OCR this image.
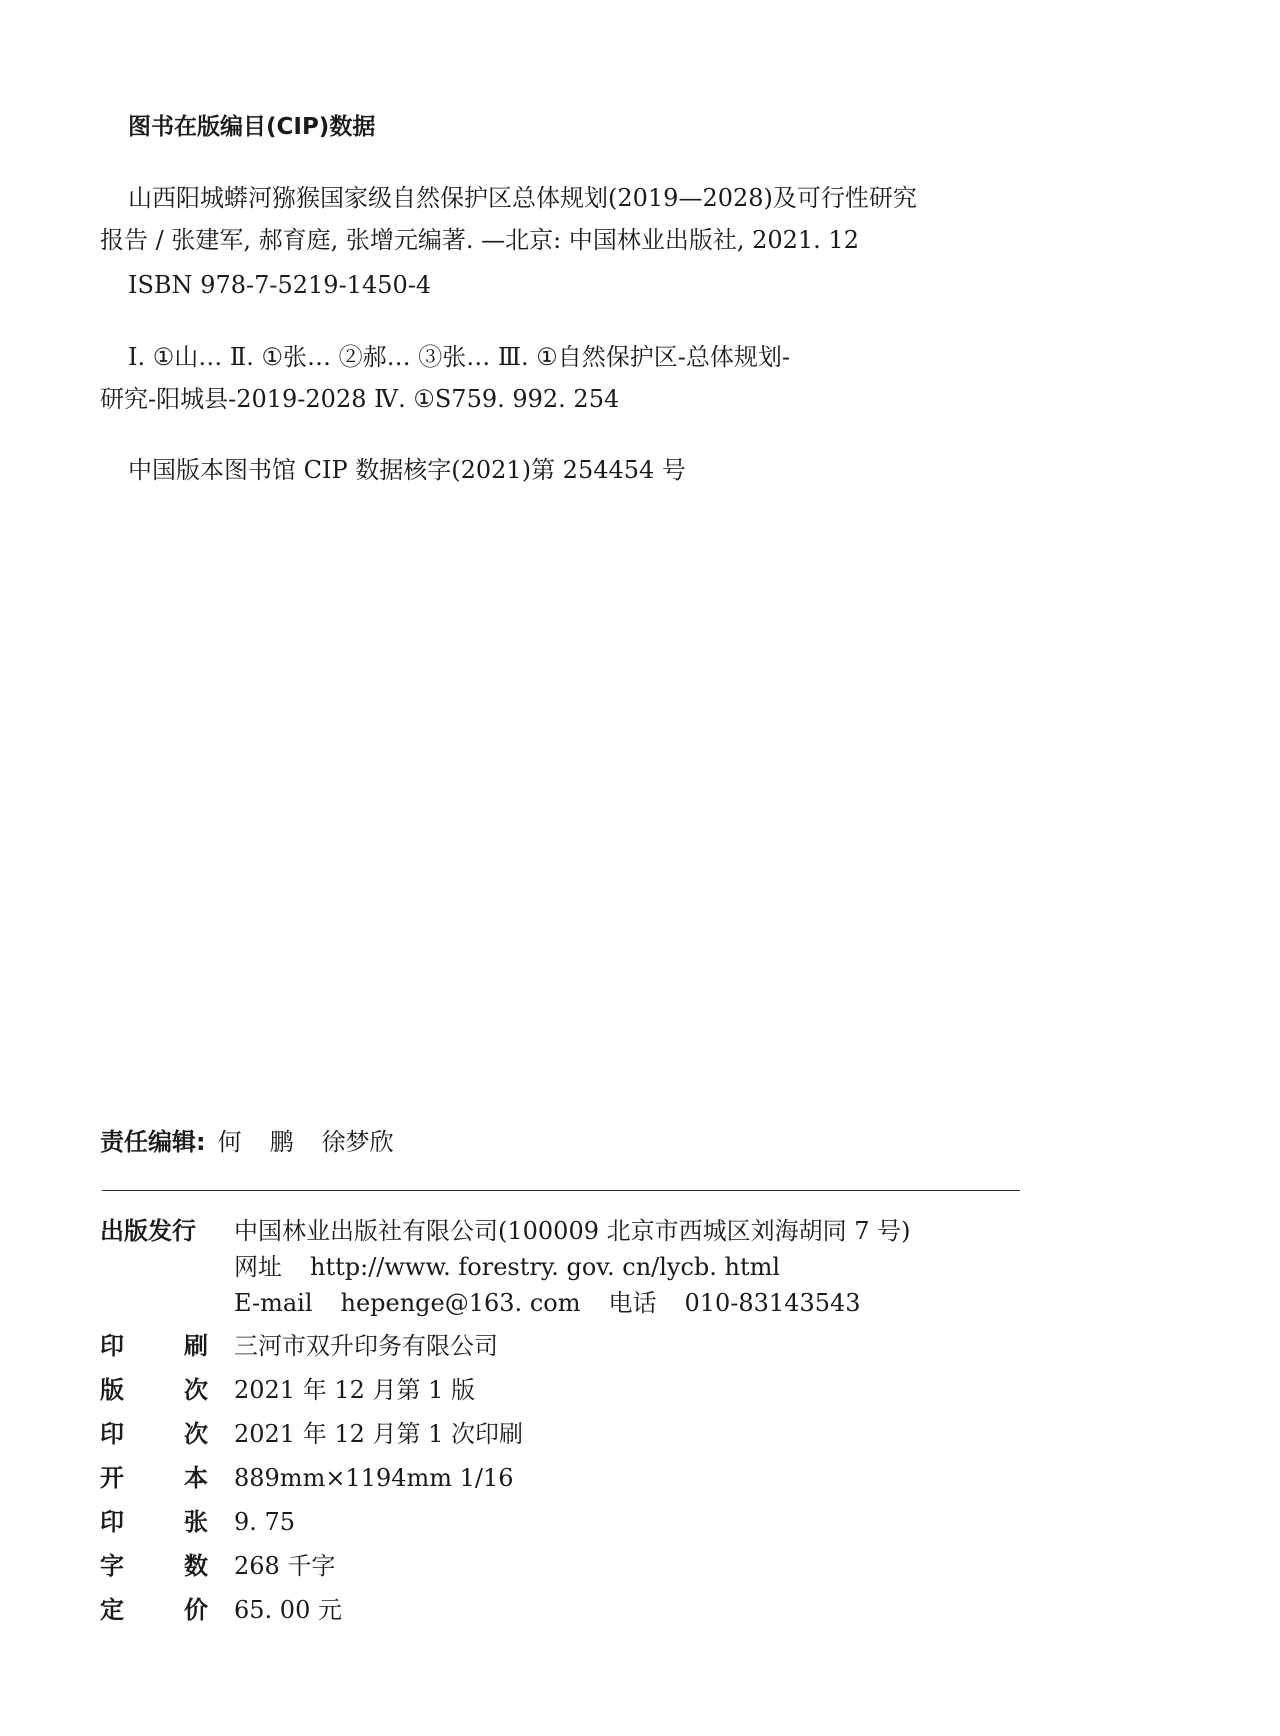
图书在版编目(CIP)数据
山西阳城蟒河猕猴国家级自然保护区总体规划(2019—2028)及可行性研究
报告 / 张建军, 郝育庭, 张增元编著. —北京: 中国林业出版社, 2021. 12
ISBN 978-7-5219-1450-4
Ⅰ. ①山… Ⅱ. ①张… ②郝… ③张… Ⅲ. ①自然保护区-总体规划-
研究-阳城县-2019-2028 Ⅳ. ①S759. 992. 254
中国版本图书馆 CIP 数据核字(2021)第 254454 号
责任编辑: 何 鹏 徐梦欣
出版发行	中国林业出版社有限公司(100009 北京市西城区刘海胡同 7 号)
网址 http://www. forestry. gov. cn/lycb. html
E-mail hepenge@163. com 电话 010-83143543
印	刷 三河市双升印务有限公司
版	次 2021 年 12 月第 1 版
印	次 2021 年 12 月第 1 次印刷
开	本 889mm×1194mm 1/16
印	张 9. 75
字	数 268 千字
定	价 65. 00 元
